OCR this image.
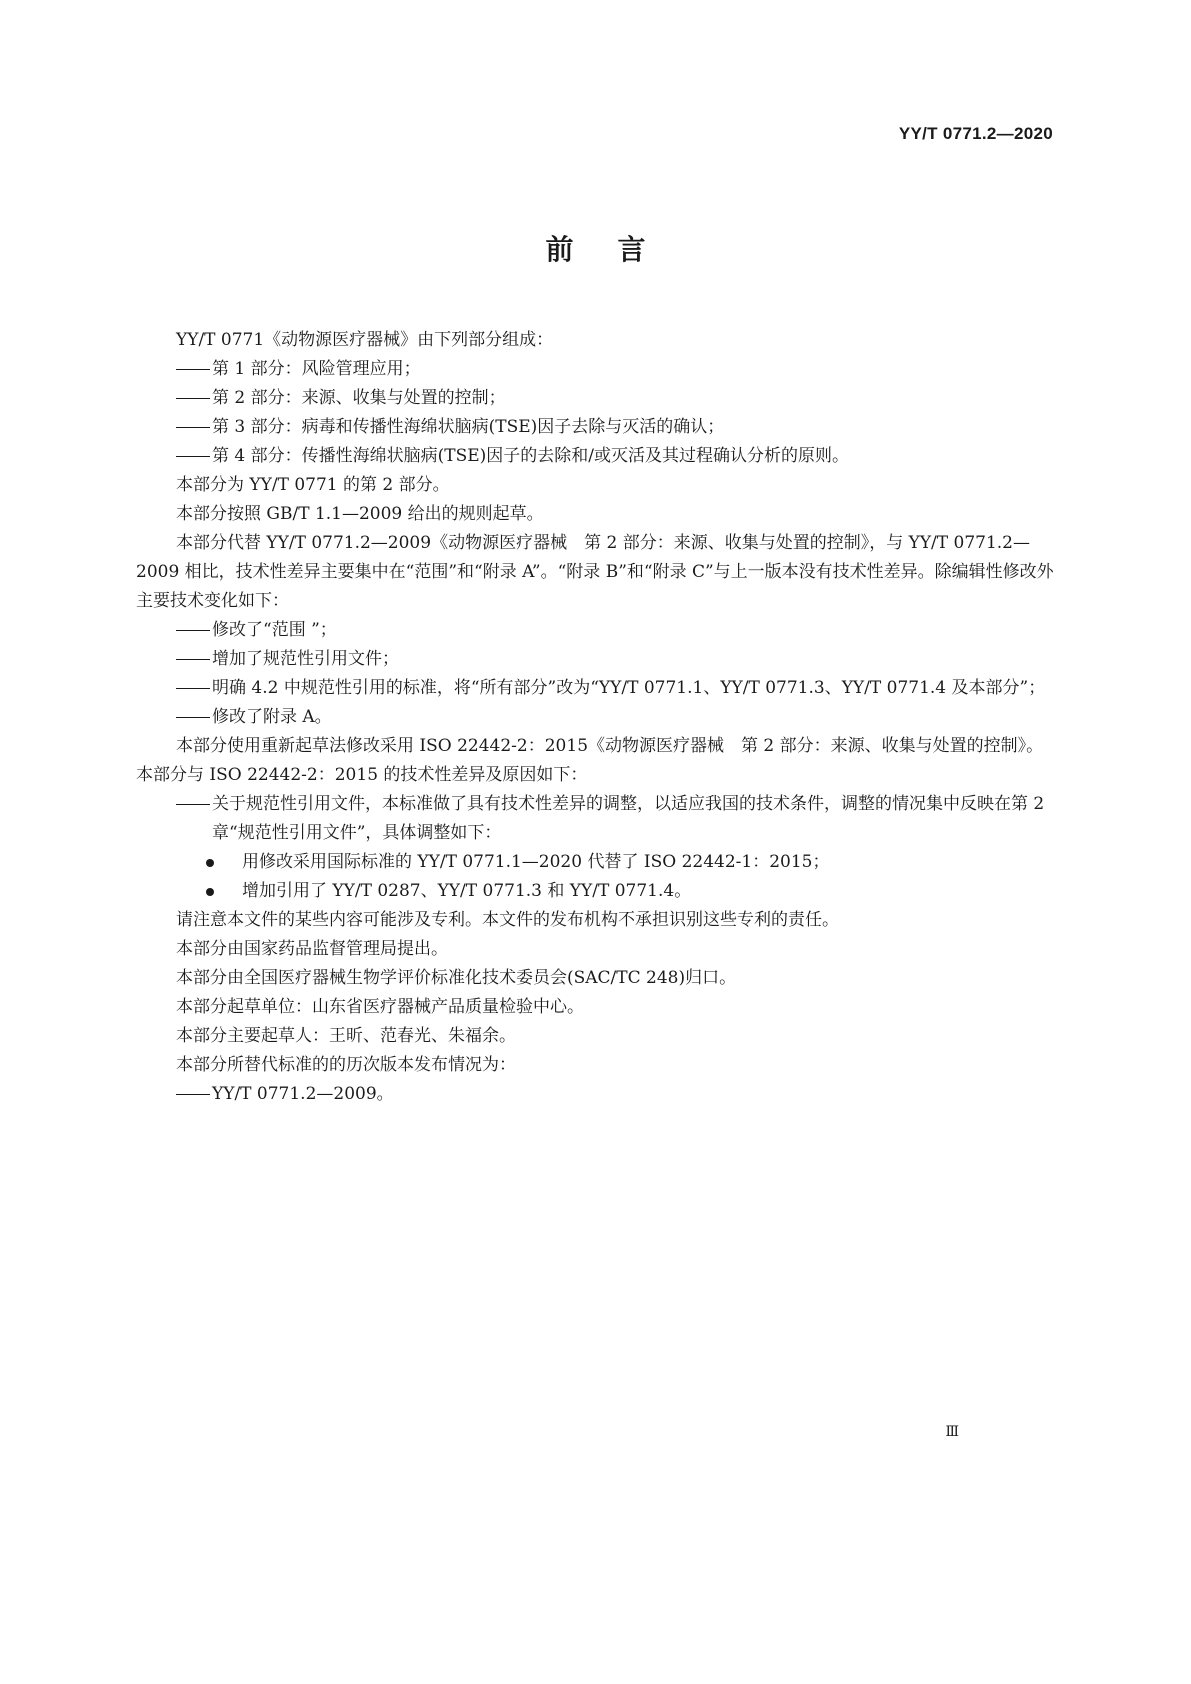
YY/T 0771.2—2020
前言

YY/T 0771《动物源医疗器械》由下列部分组成：

第 1 部分：风险管理应用；

第 2 部分：来源、收集与处置的控制；

第 3 部分：病毒和传播性海绵状脑病(TSE)因子去除与灭活的确认；

第 4 部分：传播性海绵状脑病(TSE)因子的去除和/或灭活及其过程确认分析的原则。

本部分为 YY/T 0771 的第 2 部分。

本部分按照 GB/T 1.1—2009 给出的规则起草。

本部分代替 YY/T 0771.2—2009《动物源医疗器械　第 2 部分：来源、收集与处置的控制》，与 YY/T 0771.2—2009 相比，技术性差异主要集中在“范围”和“附录 A”。“附录 B”和“附录 C”与上一版本没有技术性差异。除编辑性修改外主要技术变化如下：

修改了“范围 ”；

增加了规范性引用文件；

明确 4.2 中规范性引用的标准，将“所有部分”改为“YY/T 0771.1、YY/T 0771.3、YY/T 0771.4 及本部分”；

修改了附录 A。

本部分使用重新起草法修改采用 ISO 22442-2：2015《动物源医疗器械　第 2 部分：来源、收集与处置的控制》。本部分与 ISO 22442-2：2015 的技术性差异及原因如下：

关于规范性引用文件，本标准做了具有技术性差异的调整，以适应我国的技术条件，调整的情况集中反映在第 2 章“规范性引用文件”，具体调整如下：

用修改采用国际标准的 YY/T 0771.1—2020 代替了 ISO 22442-1：2015；

增加引用了 YY/T 0287、YY/T 0771.3 和 YY/T 0771.4。

请注意本文件的某些内容可能涉及专利。本文件的发布机构不承担识别这些专利的责任。

本部分由国家药品监督管理局提出。

本部分由全国医疗器械生物学评价标准化技术委员会(SAC/TC 248)归口。

本部分起草单位：山东省医疗器械产品质量检验中心。

本部分主要起草人：王昕、范春光、朱福余。

本部分所替代标准的的历次版本发布情况为：

YY/T 0771.2—2009。

Ⅲ
